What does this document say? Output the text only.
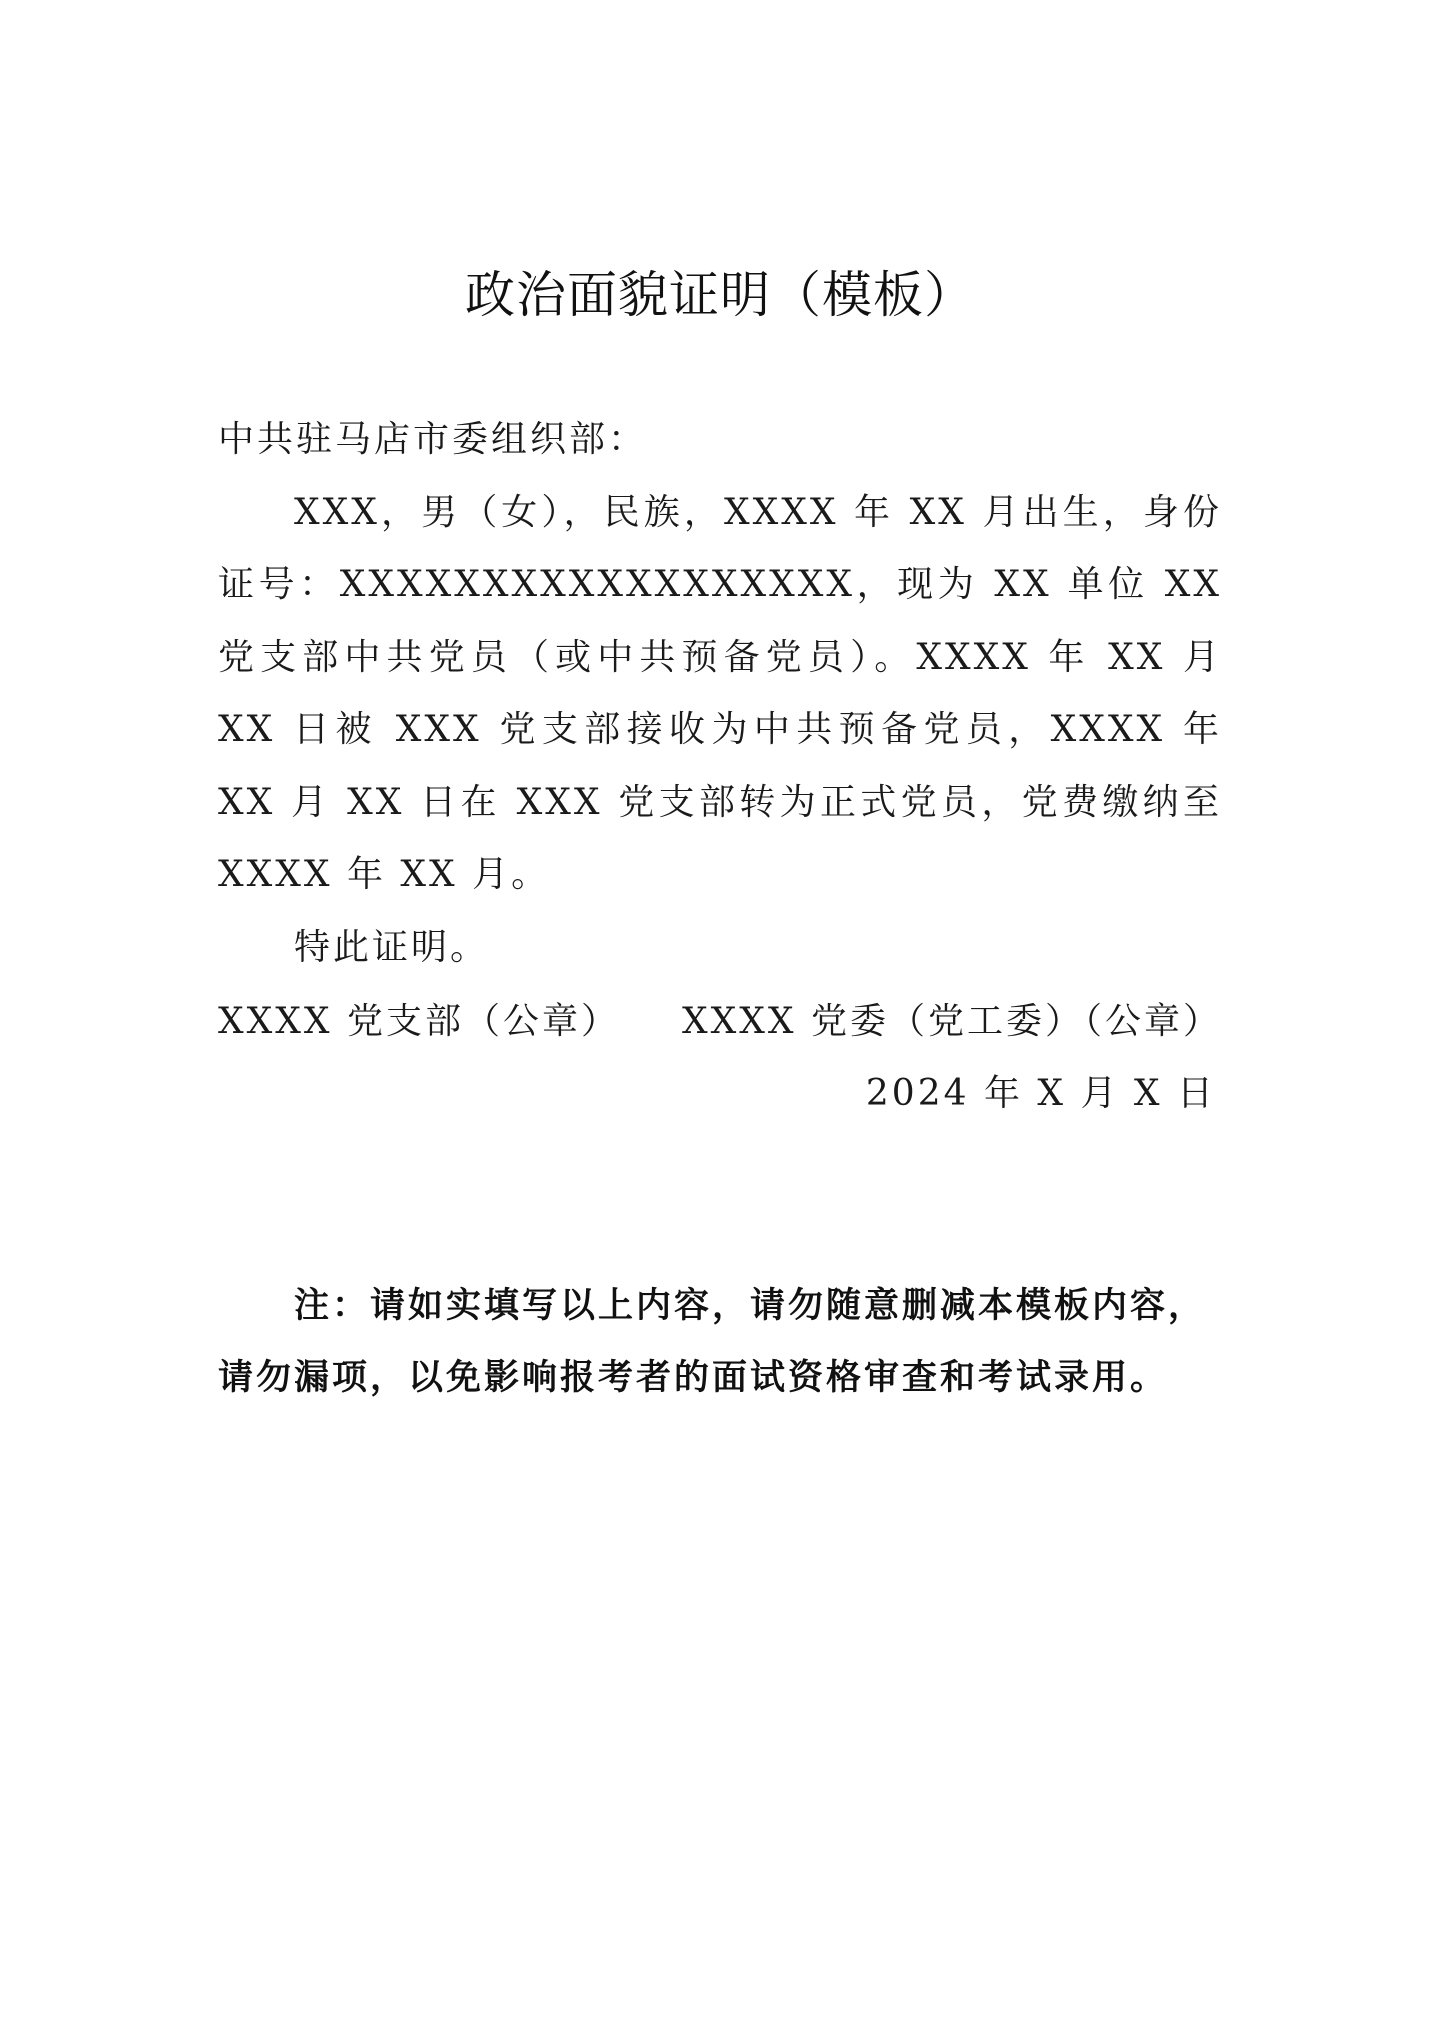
政治面貌证明（模板）

中共驻马店市委组织部：

XXX，男（女），民族，XXXX 年 XX 月出生，身份证号：XXXXXXXXXXXXXXXXXX，现为 XX 单位 XX 党支部中共党员（或中共预备党员）。XXXX 年 XX 月 XX 日被 XXX 党支部接收为中共预备党员，XXXX 年 XX 月 XX 日在 XXX 党支部转为正式党员，党费缴纳至 XXXX 年 XX 月。

特此证明。

XXXX 党支部（公章） XXXX 党委（党工委）（公章）
2024 年 X 月 X 日

注：请如实填写以上内容，请勿随意删减本模板内容，请勿漏项，以免影响报考者的面试资格审查和考试录用。
